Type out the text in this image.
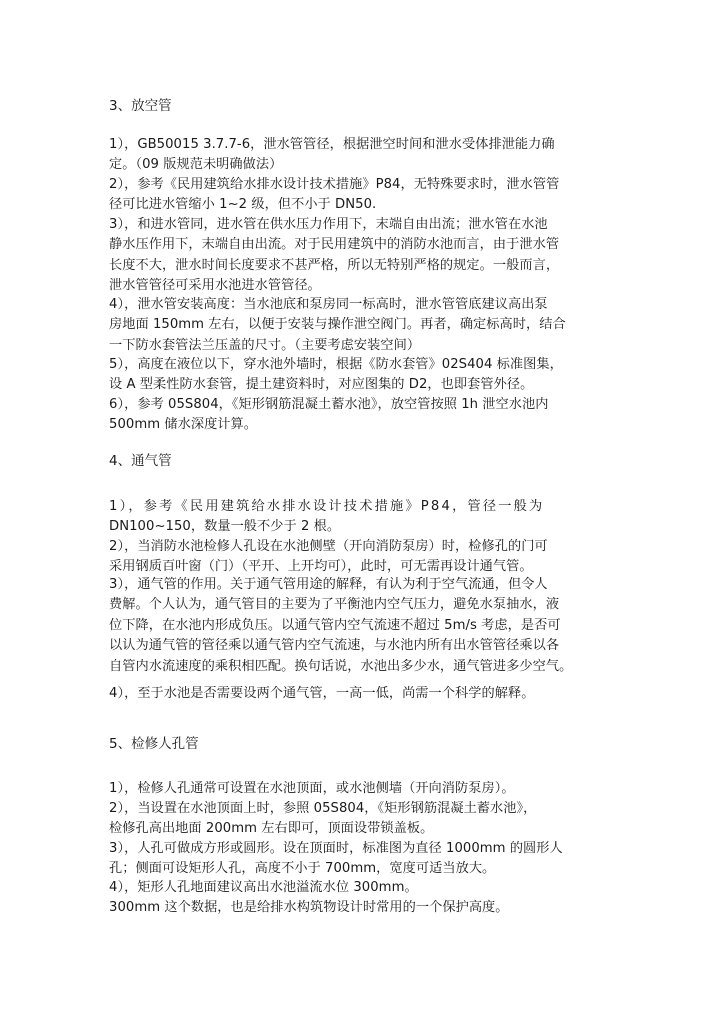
3、放空管
1），GB50015 3.7.7-6，泄水管管径，根据泄空时间和泄水受体排泄能力确
定。（09 版规范未明确做法）
2），参考《民用建筑给水排水设计技术措施》P84，无特殊要求时，泄水管管
径可比进水管缩小 1~2 级，但不小于 DN50.
3），和进水管同，进水管在供水压力作用下，末端自由出流；泄水管在水池
静水压作用下，末端自由出流。对于民用建筑中的消防水池而言，由于泄水管
长度不大，泄水时间长度要求不甚严格，所以无特别严格的规定。一般而言，
泄水管管径可采用水池进水管管径。
4），泄水管安装高度：当水池底和泵房同一标高时，泄水管管底建议高出泵
房地面 150mm 左右，以便于安装与操作泄空阀门。再者，确定标高时，结合
一下防水套管法兰压盖的尺寸。（主要考虑安装空间）
5），高度在液位以下，穿水池外墙时，根据《防水套管》02S404 标准图集，
设 A 型柔性防水套管，提土建资料时，对应图集的 D2，也即套管外径。
6），参考 05S804，《矩形钢筋混凝土蓄水池》，放空管按照 1h 泄空水池内
500mm 储水深度计算。
4、通气管
1），参考《民用建筑给水排水设计技术措施》P84，管径一般为
DN100~150，数量一般不少于 2 根。
2），当消防水池检修人孔设在水池侧壁（开向消防泵房）时，检修孔的门可
采用钢质百叶窗（门）（平开、上开均可），此时，可无需再设计通气管。
3），通气管的作用。关于通气管用途的解释，有认为利于空气流通，但令人
费解。个人认为，通气管目的主要为了平衡池内空气压力，避免水泵抽水，液
位下降，在水池内形成负压。以通气管内空气流速不超过 5m/s 考虑，是否可
以认为通气管的管径乘以通气管内空气流速，与水池内所有出水管管径乘以各
自管内水流速度的乘积相匹配。换句话说，水池出多少水，通气管进多少空气。
4），至于水池是否需要设两个通气管，一高一低，尚需一个科学的解释。
5、检修人孔管
1），检修人孔通常可设置在水池顶面，或水池侧墙（开向消防泵房）。
2），当设置在水池顶面上时，参照 05S804，《矩形钢筋混凝土蓄水池》，
检修孔高出地面 200mm 左右即可，顶面设带锁盖板。
3），人孔可做成方形或圆形。设在顶面时，标准图为直径 1000mm 的圆形人
孔；侧面可设矩形人孔，高度不小于 700mm，宽度可适当放大。
4），矩形人孔地面建议高出水池溢流水位 300mm。
300mm 这个数据，也是给排水构筑物设计时常用的一个保护高度。
